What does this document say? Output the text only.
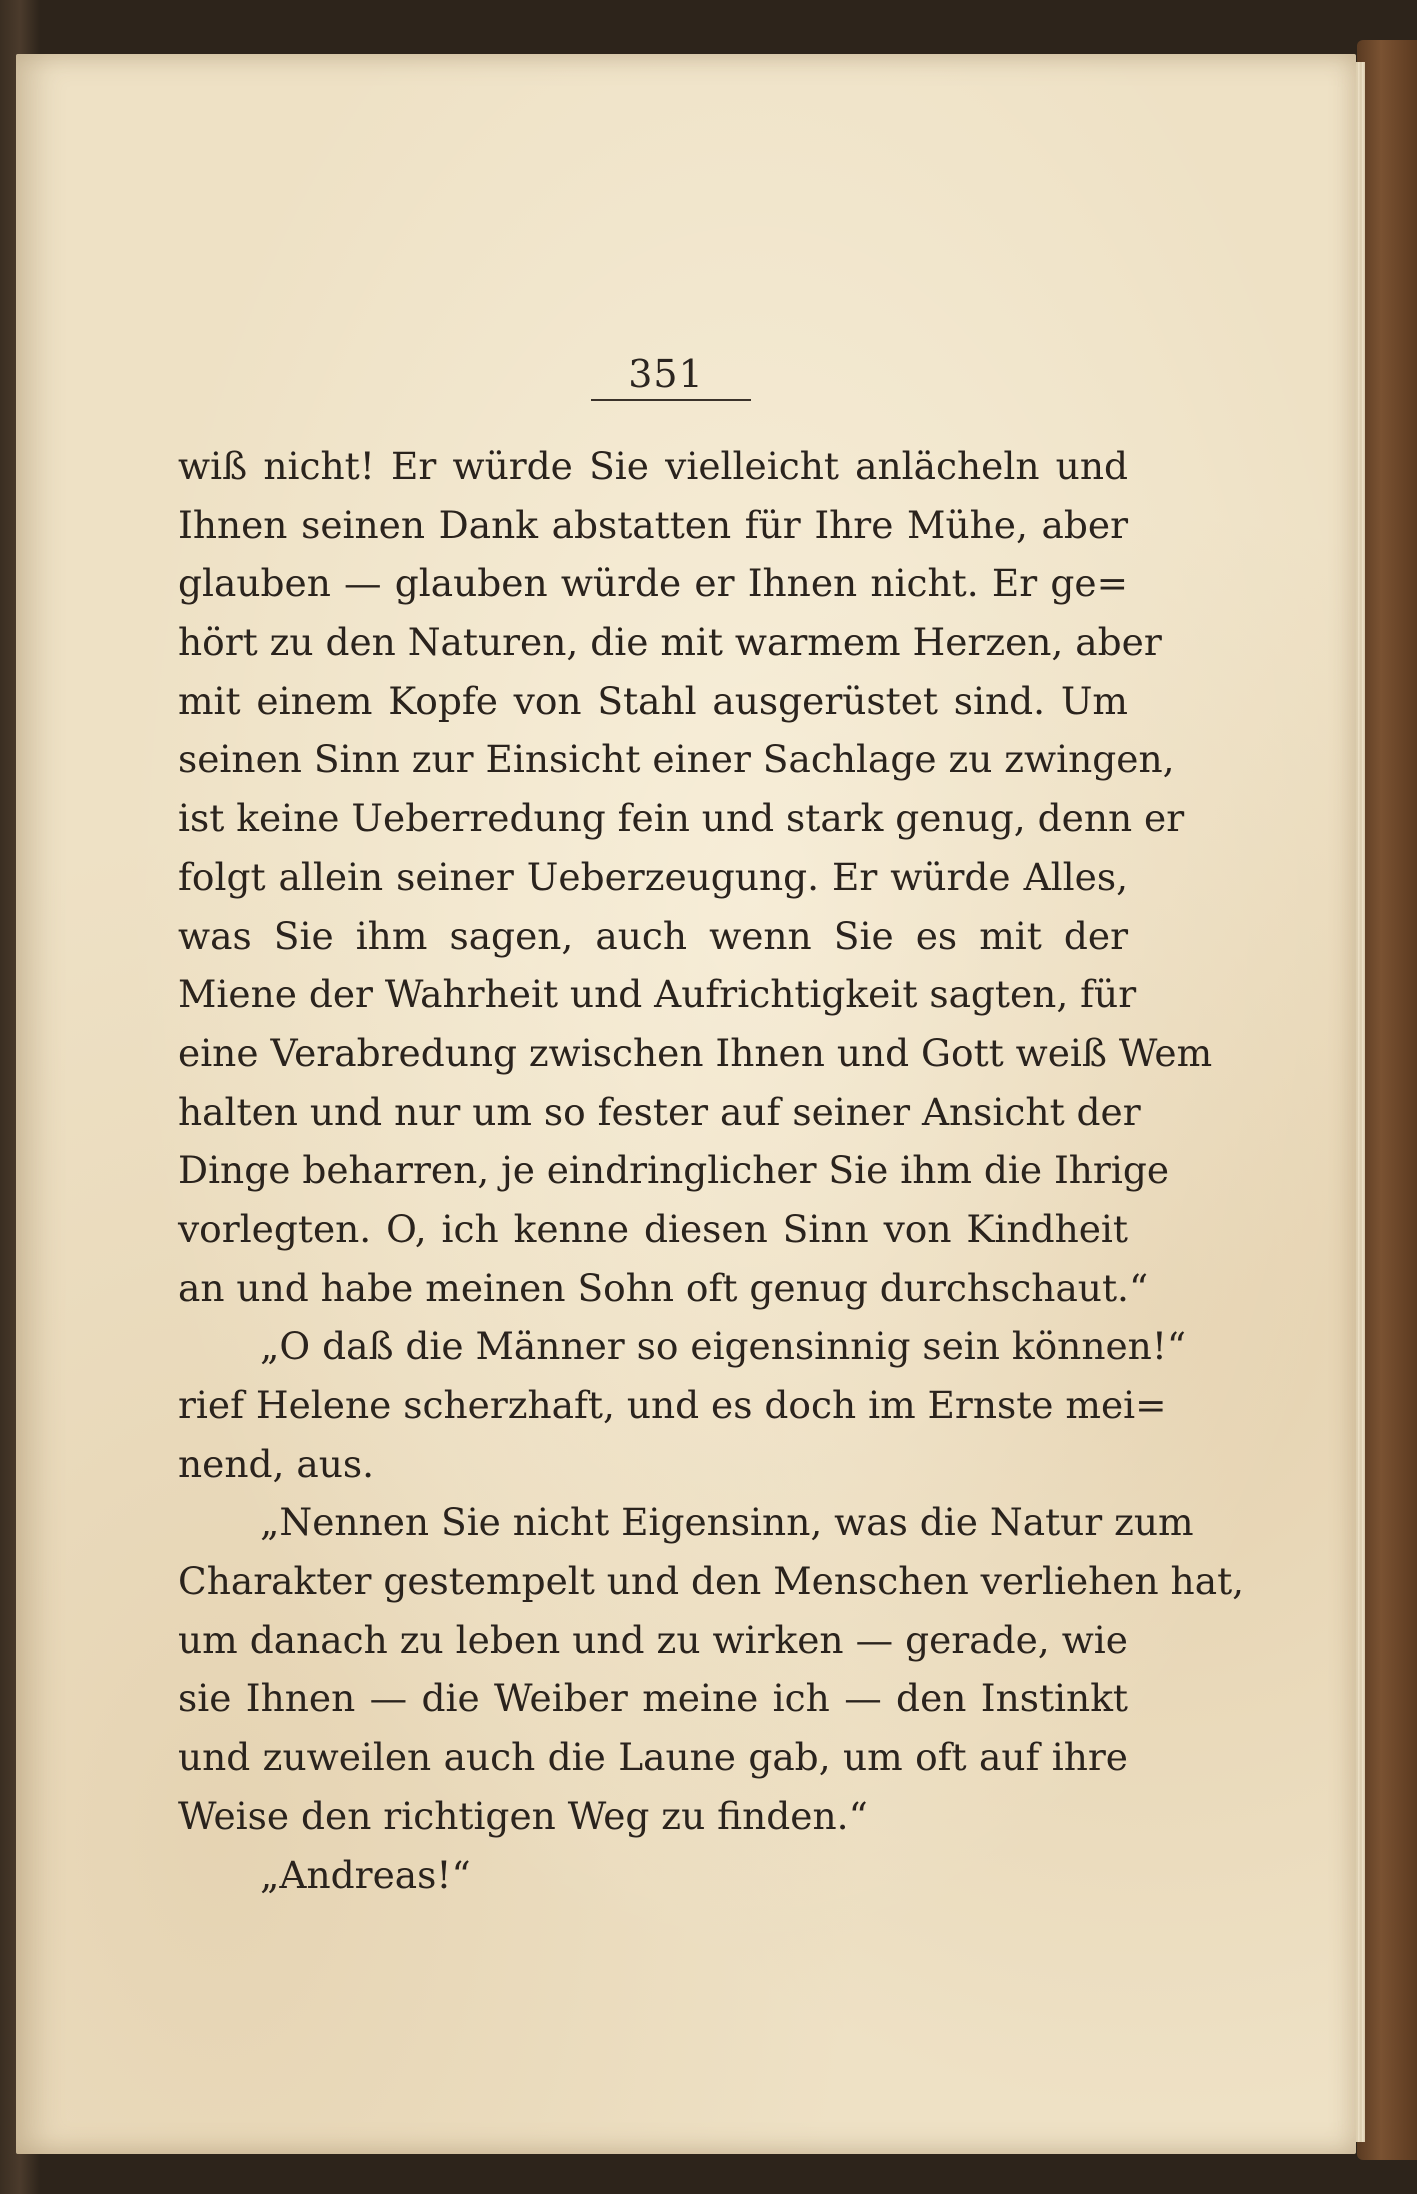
351
wiß nicht! Er würde Sie vielleicht anlächeln und
Ihnen seinen Dank abstatten für Ihre Mühe, aber
glauben — glauben würde er Ihnen nicht. Er ge=
hört zu den Naturen, die mit warmem Herzen, aber
mit einem Kopfe von Stahl ausgerüstet sind. Um
seinen Sinn zur Einsicht einer Sachlage zu zwingen,
ist keine Ueberredung fein und stark genug, denn er
folgt allein seiner Ueberzeugung. Er würde Alles,
was Sie ihm sagen, auch wenn Sie es mit der
Miene der Wahrheit und Aufrichtigkeit sagten, für
eine Verabredung zwischen Ihnen und Gott weiß Wem
halten und nur um so fester auf seiner Ansicht der
Dinge beharren, je eindringlicher Sie ihm die Ihrige
vorlegten. O, ich kenne diesen Sinn von Kindheit
an und habe meinen Sohn oft genug durchschaut.“
„O daß die Männer so eigensinnig sein können!“
rief Helene scherzhaft, und es doch im Ernste mei=
nend, aus.
„Nennen Sie nicht Eigensinn, was die Natur zum
Charakter gestempelt und den Menschen verliehen hat,
um danach zu leben und zu wirken — gerade, wie
sie Ihnen — die Weiber meine ich — den Instinkt
und zuweilen auch die Laune gab, um oft auf ihre
Weise den richtigen Weg zu finden.“
„Andreas!“
